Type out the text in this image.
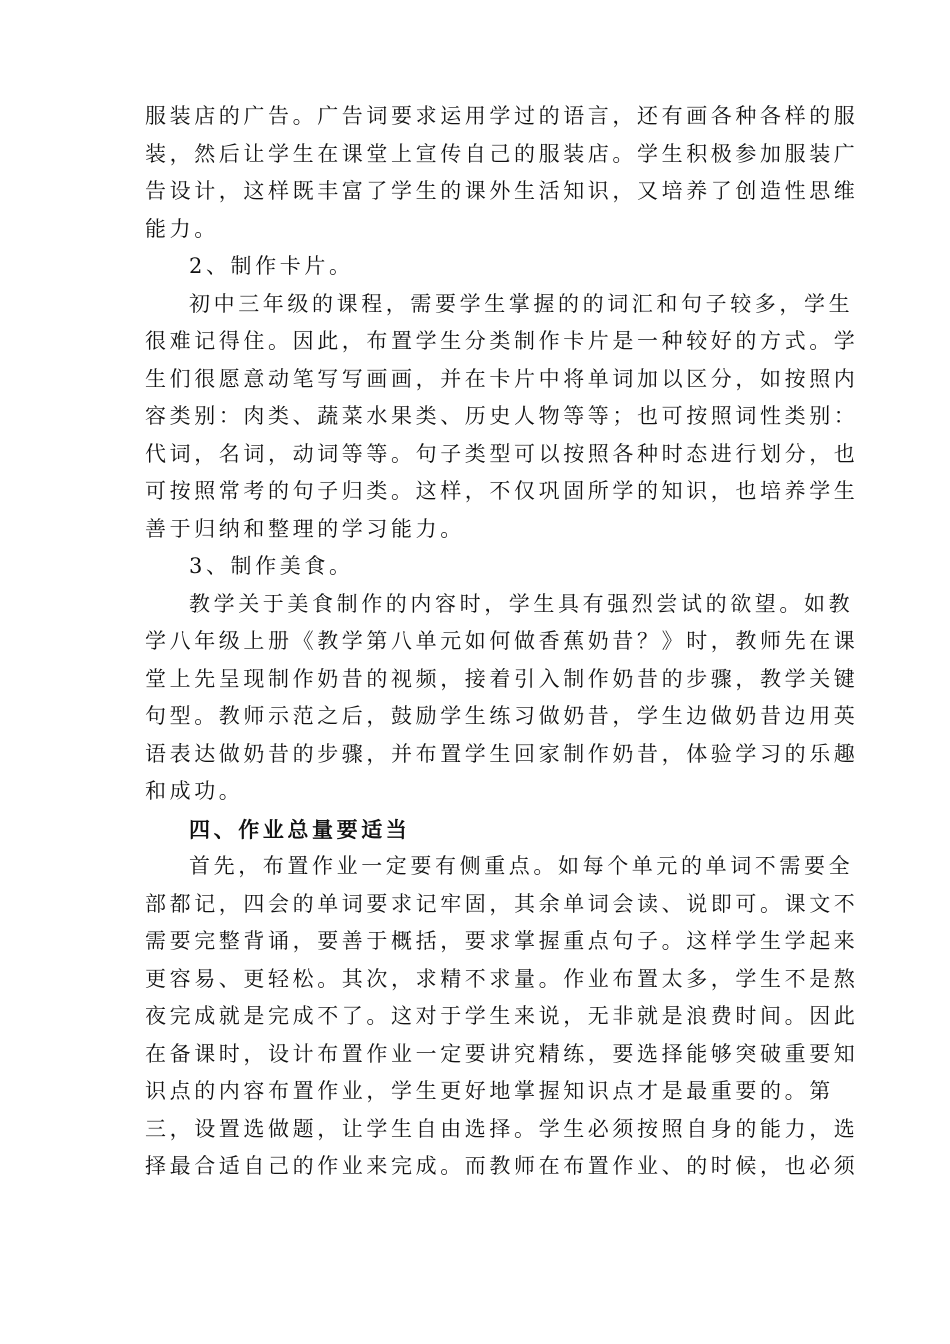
服装店的广告。广告词要求运用学过的语言，还有画各种各样的服
装，然后让学生在课堂上宣传自己的服装店。学生积极参加服装广
告设计，这样既丰富了学生的课外生活知识，又培养了创造性思维
能力。
2、制作卡片。
初中三年级的课程，需要学生掌握的的词汇和句子较多，学生
很难记得住。因此，布置学生分类制作卡片是一种较好的方式。学
生们很愿意动笔写写画画，并在卡片中将单词加以区分，如按照内
容类别：肉类、蔬菜水果类、历史人物等等；也可按照词性类别：
代词，名词，动词等等。句子类型可以按照各种时态进行划分，也
可按照常考的句子归类。这样，不仅巩固所学的知识，也培养学生
善于归纳和整理的学习能力。
3、制作美食。
教学关于美食制作的内容时，学生具有强烈尝试的欲望。如教
学八年级上册《教学第八单元如何做香蕉奶昔？》时，教师先在课
堂上先呈现制作奶昔的视频，接着引入制作奶昔的步骤，教学关键
句型。教师示范之后，鼓励学生练习做奶昔，学生边做奶昔边用英
语表达做奶昔的步骤，并布置学生回家制作奶昔，体验学习的乐趣
和成功。
四、作业总量要适当
首先，布置作业一定要有侧重点。如每个单元的单词不需要全
部都记，四会的单词要求记牢固，其余单词会读、说即可。课文不
需要完整背诵，要善于概括，要求掌握重点句子。这样学生学起来
更容易、更轻松。其次，求精不求量。作业布置太多，学生不是熬
夜完成就是完成不了。这对于学生来说，无非就是浪费时间。因此
在备课时，设计布置作业一定要讲究精练，要选择能够突破重要知
识点的内容布置作业，学生更好地掌握知识点才是最重要的。第
三，设置选做题，让学生自由选择。学生必须按照自身的能力，选
择最合适自己的作业来完成。而教师在布置作业、的时候，也必须
